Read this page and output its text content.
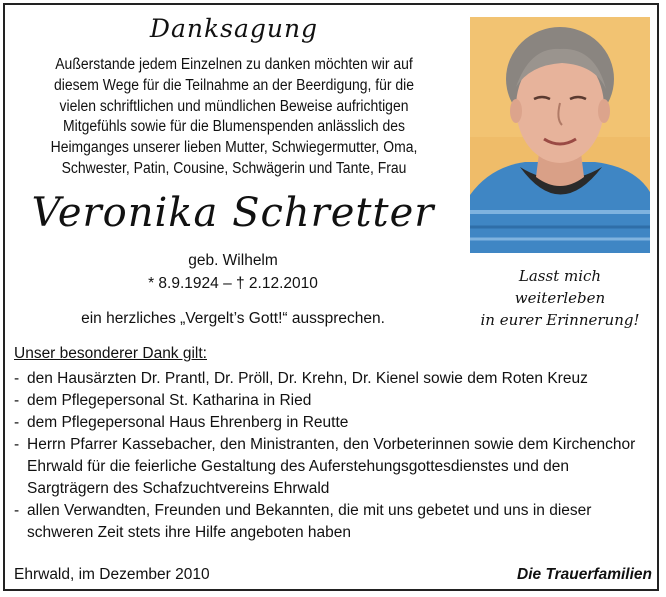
Danksagung
Außerstande jedem Einzelnen zu danken möchten wir auf
diesem Wege für die Teilnahme an der Beerdigung, für die
vielen schriftlichen und mündlichen Beweise aufrichtigen
Mitgefühls sowie für die Blumenspenden anlässlich des
Heimganges unserer lieben Mutter, Schwiegermutter, Oma,
Schwester, Patin, Cousine, Schwägerin und Tante, Frau
Veronika Schretter
geb. Wilhelm
* 8.9.1924 – † 2.12.2010
ein herzliches „Vergelt’s Gott!“ aussprechen.
Lasst mich
weiterleben
in eurer Erinnerung!
Unser besonderer Dank gilt:
- den Hausärzten Dr. Prantl, Dr. Pröll, Dr. Krehn, Dr. Kienel sowie dem Roten Kreuz
- dem Pflegepersonal St. Katharina in Ried
- dem Pflegepersonal Haus Ehrenberg in Reutte
- Herrn Pfarrer Kassebacher, den Ministranten, den Vorbeterinnen sowie dem Kirchenchor Ehrwald für die feierliche Gestaltung des Auferstehungsgottesdienstes und den Sargträgern des Schafzuchtvereins Ehrwald
- allen Verwandten, Freunden und Bekannten, die mit uns gebetet und uns in dieser schweren Zeit stets ihre Hilfe angeboten haben
Ehrwald, im Dezember 2010	Die Trauerfamilien
